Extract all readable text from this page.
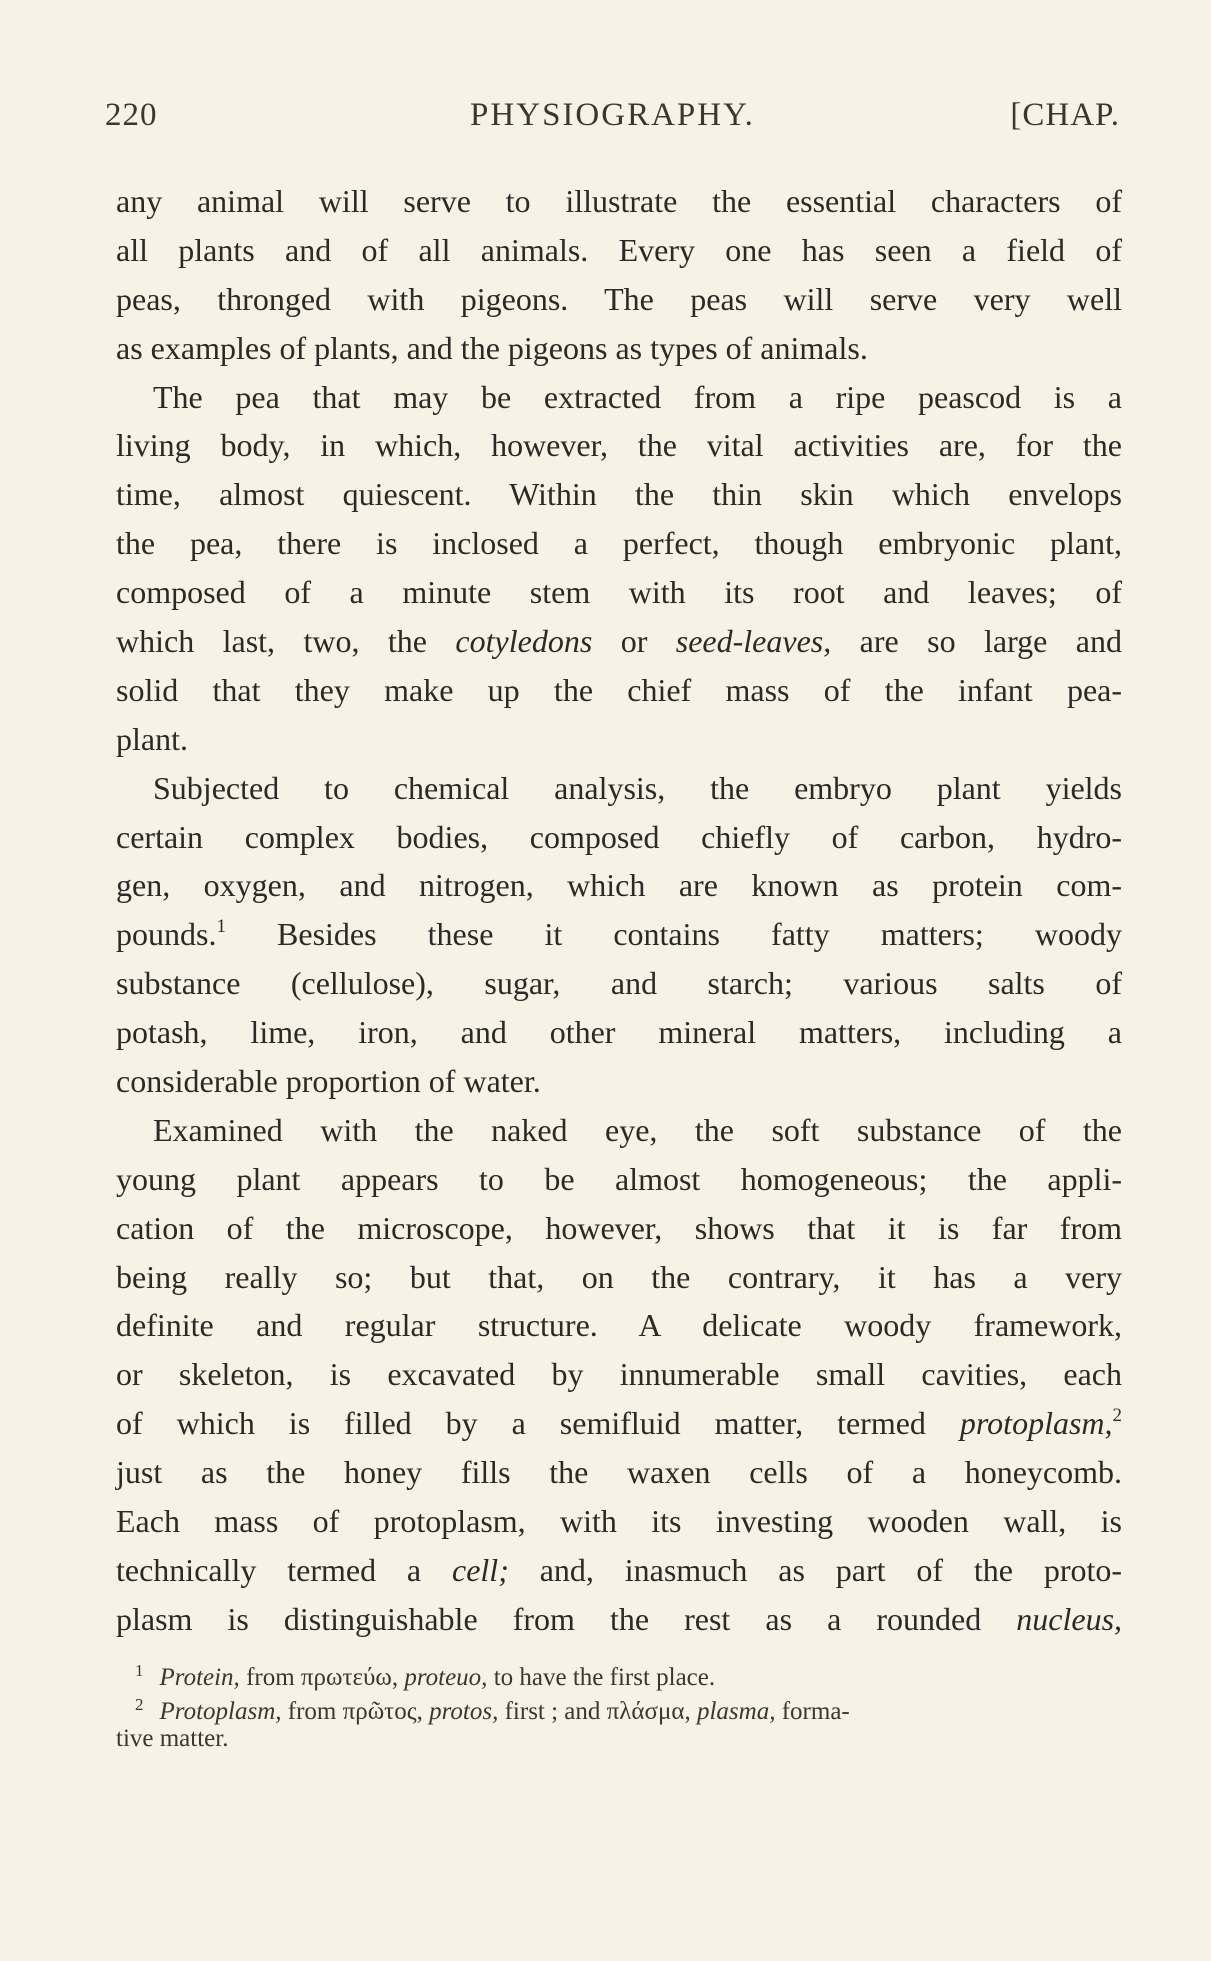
220	PHYSIOGRAPHY.	[CHAP.
any animal will serve to illustrate the essential characters of
all plants and of all animals. Every one has seen a field of
peas, thronged with pigeons. The peas will serve very well
as examples of plants, and the pigeons as types of animals.
The pea that may be extracted from a ripe peascod is a
living body, in which, however, the vital activities are, for the
time, almost quiescent. Within the thin skin which envelops
the pea, there is inclosed a perfect, though embryonic plant,
composed of a minute stem with its root and leaves; of
which last, two, the cotyledons or seed-leaves, are so large and
solid that they make up the chief mass of the infant pea-
plant.
Subjected to chemical analysis, the embryo plant yields
certain complex bodies, composed chiefly of carbon, hydro-
gen, oxygen, and nitrogen, which are known as protein com-
pounds.$^1$ Besides these it contains fatty matters; woody
substance (cellulose), sugar, and starch; various salts of
potash, lime, iron, and other mineral matters, including a
considerable proportion of water.
Examined with the naked eye, the soft substance of the
young plant appears to be almost homogeneous; the appli-
cation of the microscope, however, shows that it is far from
being really so; but that, on the contrary, it has a very
definite and regular structure. A delicate woody framework,
or skeleton, is excavated by innumerable small cavities, each
of which is filled by a semifluid matter, termed protoplasm,$^2$
just as the honey fills the waxen cells of a honeycomb.
Each mass of protoplasm, with its investing wooden wall, is
technically termed a cell; and, inasmuch as part of the proto-
plasm is distinguishable from the rest as a rounded nucleus,
$^1$ Protein, from πρωτεύω, proteuo, to have the first place.
$^2$ Protoplasm, from πρῶτος, protos, first ; and πλάσμα, plasma, forma-
tive matter.
